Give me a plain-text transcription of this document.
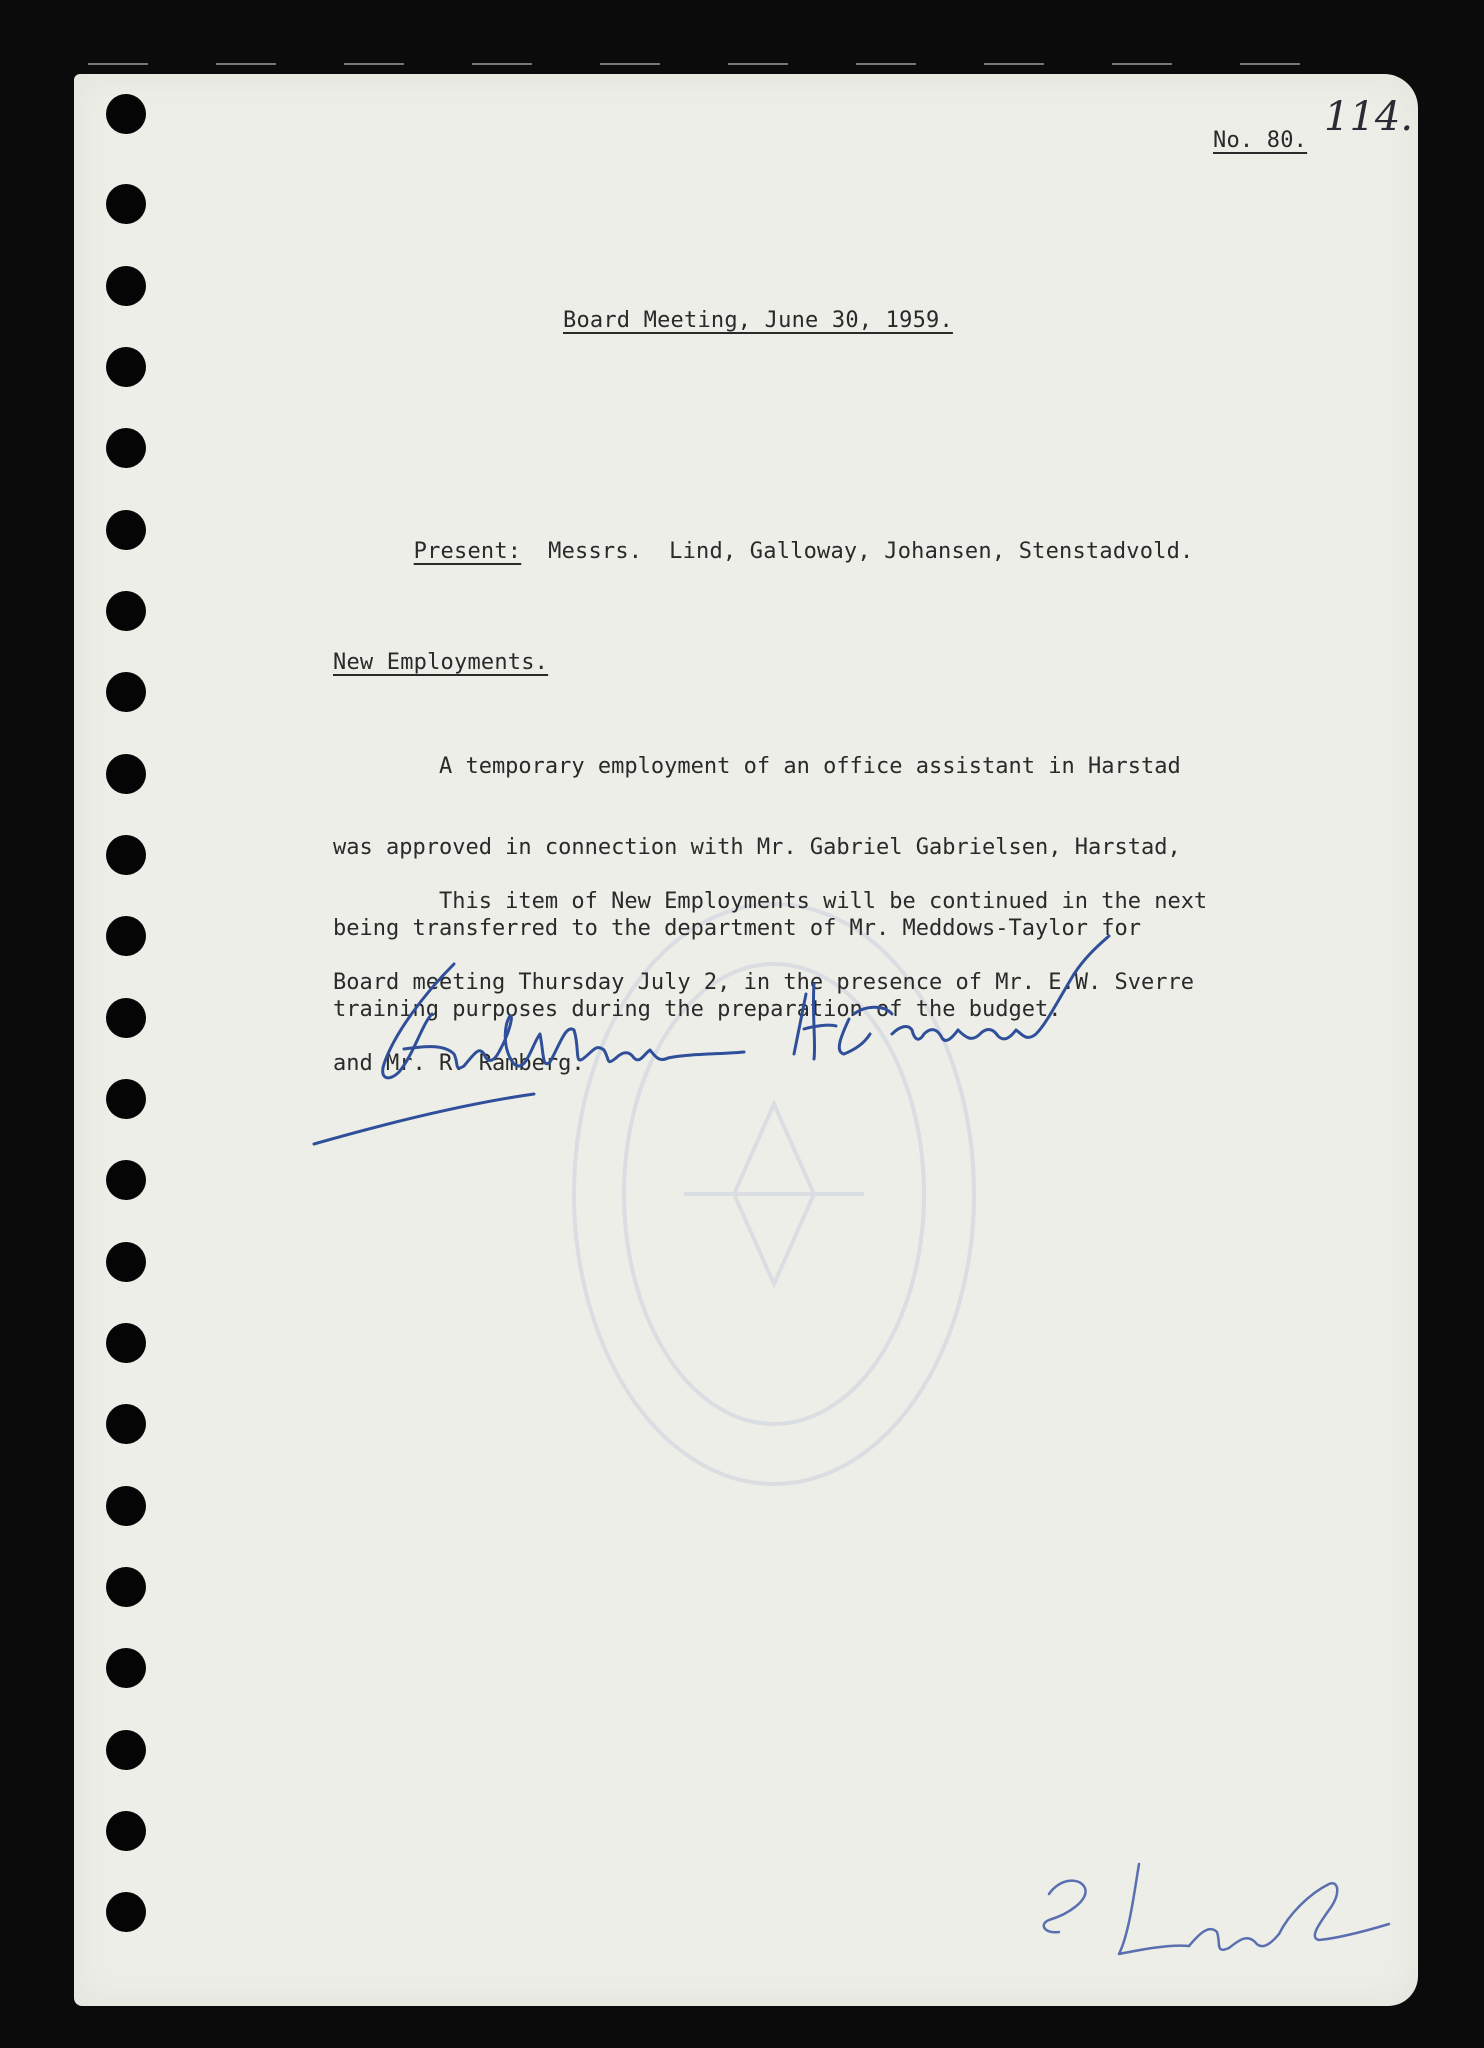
114.
No. 80.
Board Meeting, June 30, 1959.

Present: Messrs.  Lind, Galloway, Johansen, Stenstadvold.

New Employments.

A temporary employment of an office assistant in Harstad

was approved in connection with Mr. Gabriel Gabrielsen, Harstad,

being transferred to the department of Mr. Meddows-Taylor for

training purposes during the preparation of the budget.

This item of New Employments will be continued in the next

Board meeting Thursday July 2, in the presence of Mr. E.W. Sverre

and Mr. R. Ramberg.
